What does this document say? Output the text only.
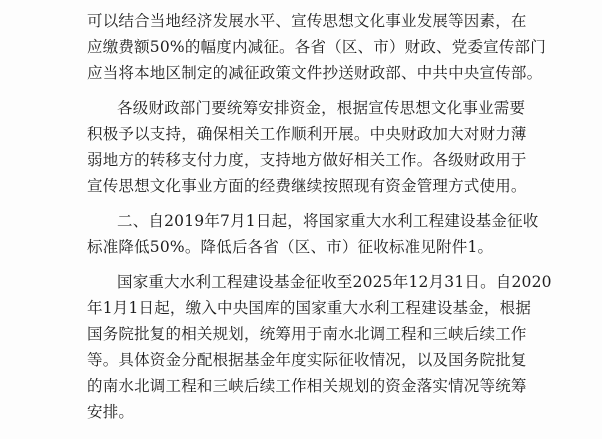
可以结合当地经济发展水平、宣传思想文化事业发展等因素，在
应缴费额50%的幅度内减征。各省（区、市）财政、党委宣传部门
应当将本地区制定的减征政策文件抄送财政部、中共中央宣传部。
各级财政部门要统筹安排资金，根据宣传思想文化事业需要
积极予以支持，确保相关工作顺利开展。中央财政加大对财力薄
弱地方的转移支付力度，支持地方做好相关工作。各级财政用于
宣传思想文化事业方面的经费继续按照现有资金管理方式使用。
二、自2019年7月1日起，将国家重大水利工程建设基金征收
标准降低50%。降低后各省（区、市）征收标准见附件1。
国家重大水利工程建设基金征收至2025年12月31日。自2020
年1月1日起，缴入中央国库的国家重大水利工程建设基金，根据
国务院批复的相关规划，统筹用于南水北调工程和三峡后续工作
等。具体资金分配根据基金年度实际征收情况，以及国务院批复
的南水北调工程和三峡后续工作相关规划的资金落实情况等统筹
安排。
